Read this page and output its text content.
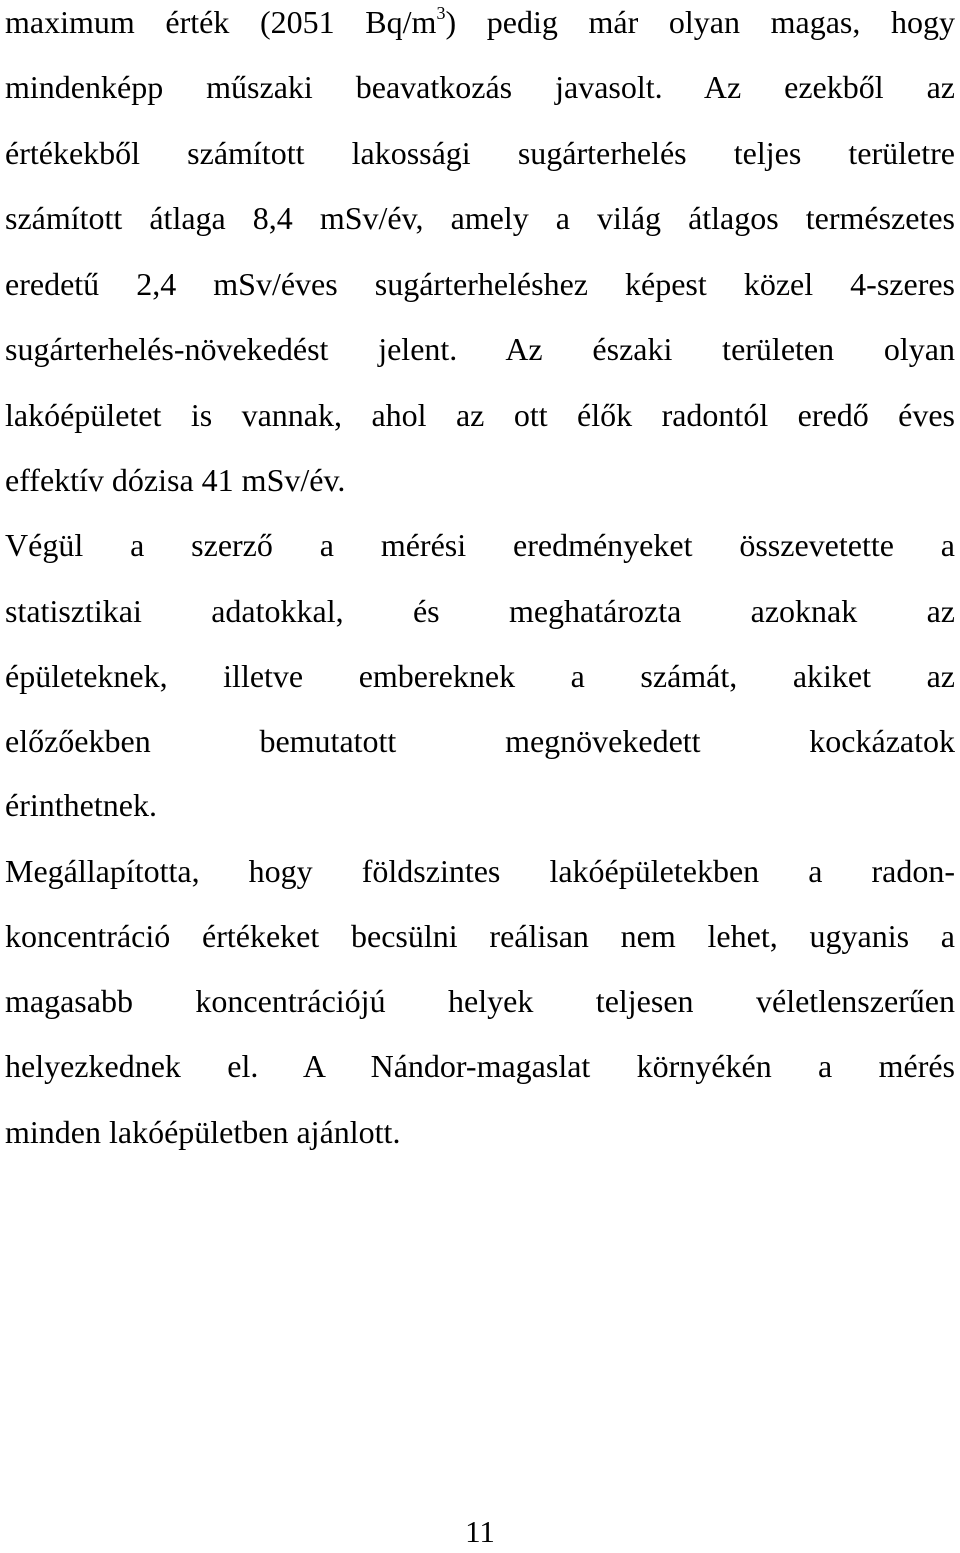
maximum érték (2051 $Bq/m^3$) pedig már olyan magas, hogy
mindenképp műszaki beavatkozás javasolt. Az ezekből az
értékekből számított lakossági sugárterhelés teljes területre
számított átlaga 8,4 mSv/év, amely a világ átlagos természetes
eredetű 2,4 mSv/éves sugárterheléshez képest közel 4-szeres
sugárterhelés-növekedést jelent. Az északi területen olyan
lakóépületet is vannak, ahol az ott élők radontól eredő éves
effektív dózisa 41 mSv/év.
Végül a szerző a mérési eredményeket összevetette a
statisztikai adatokkal, és meghatározta azoknak az
épületeknek, illetve embereknek a számát, akiket az
előzőekben bemutatott megnövekedett kockázatok
érinthetnek.
Megállapította, hogy földszintes lakóépületekben a radon-
koncentráció értékeket becsülni reálisan nem lehet, ugyanis a
magasabb koncentrációjú helyek teljesen véletlenszerűen
helyezkednek el. A Nándor-magaslat környékén a mérés
minden lakóépületben ajánlott.
11
